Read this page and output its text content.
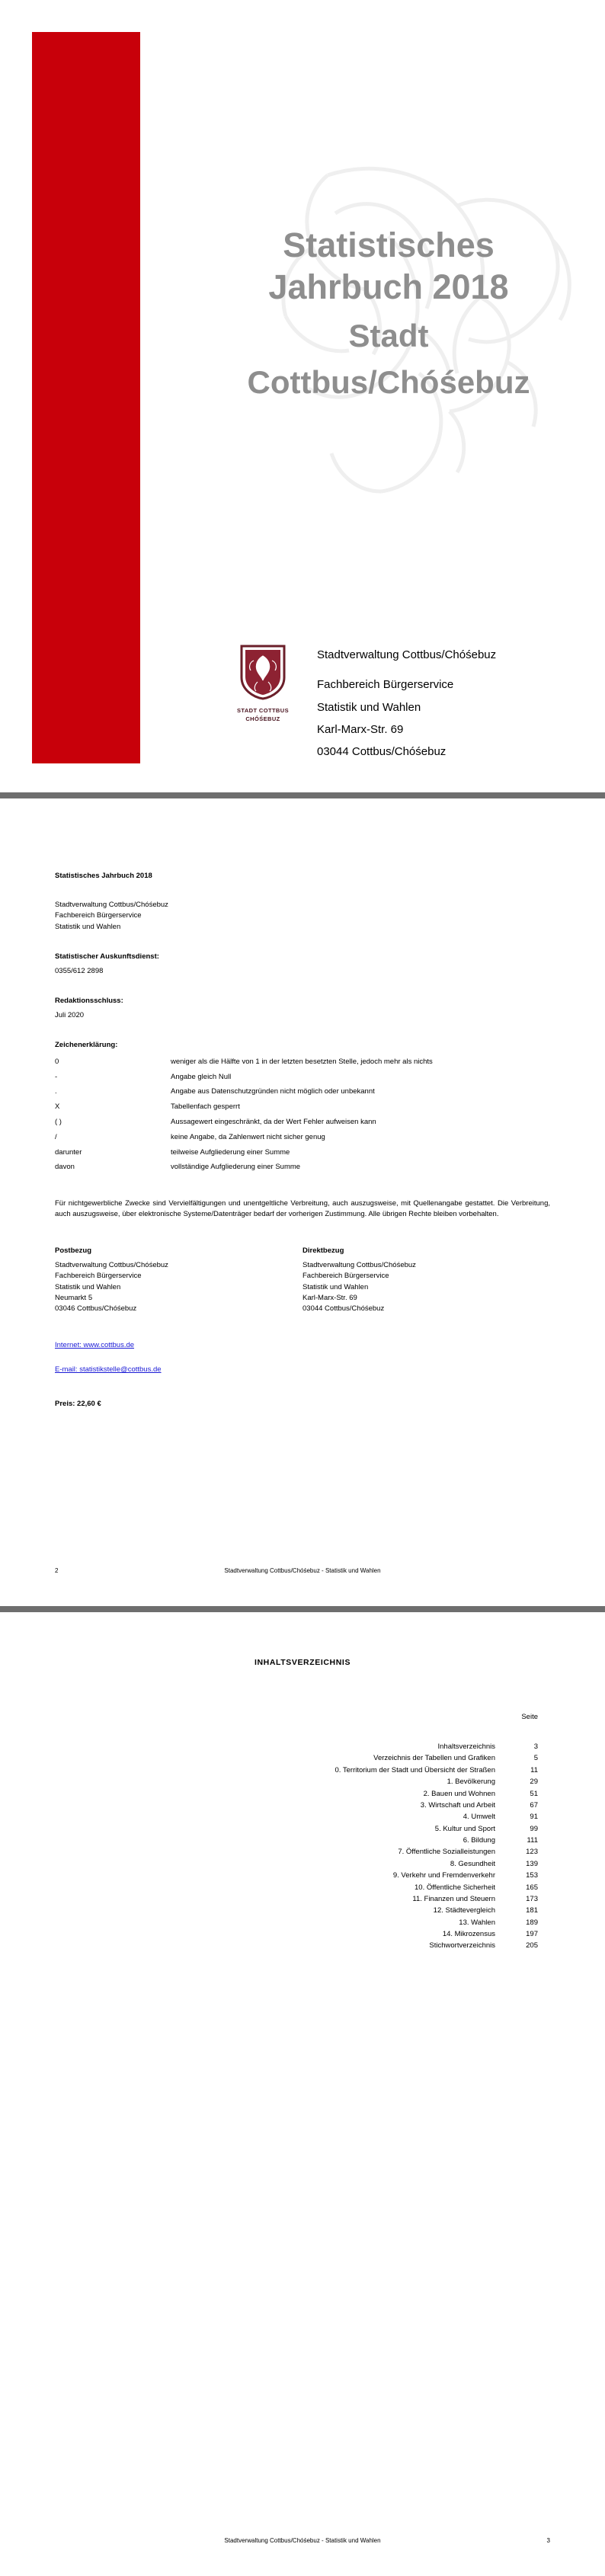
Statistisches
Jahrbuch 2018
Stadt
Cottbus/Chóśebuz
STADT COTTBUS
CHÓŚEBUZ
Stadtverwaltung Cottbus/Chóśebuz
Fachbereich Bürgerservice
Statistik und Wahlen
Karl-Marx-Str. 69
03044 Cottbus/Chóśebuz
Statistisches Jahrbuch 2018
Stadtverwaltung Cottbus/Chóśebuz
Fachbereich Bürgerservice
Statistik und Wahlen
Statistischer Auskunftsdienst:
0355/612 2898
Redaktionsschluss:
Juli 2020
Zeichenerklärung:
0	weniger als die Hälfte von 1 in der letzten besetzten Stelle, jedoch mehr als nichts
-	Angabe gleich Null
.	Angabe aus Datenschutzgründen nicht möglich oder unbekannt
X	Tabellenfach gesperrt
( )	Aussagewert eingeschränkt, da der Wert Fehler aufweisen kann
/	keine Angabe, da Zahlenwert nicht sicher genug
darunter	teilweise Aufgliederung einer Summe
davon	vollständige Aufgliederung einer Summe
Für nichtgewerbliche Zwecke sind Vervielfältigungen und unentgeltliche Verbreitung, auch auszugsweise, mit Quellenangabe gestattet. Die Verbreitung, auch auszugsweise, über elektronische Systeme/Datenträger bedarf der vorherigen Zustimmung. Alle übrigen Rechte bleiben vorbehalten.
Postbezug
Stadtverwaltung Cottbus/Chóśebuz
Fachbereich Bürgerservice
Statistik und Wahlen
Neumarkt 5
03046 Cottbus/Chóśebuz
Direktbezug
Stadtverwaltung Cottbus/Chóśebuz
Fachbereich Bürgerservice
Statistik und Wahlen
Karl-Marx-Str. 69
03044 Cottbus/Chóśebuz
Internet: www.cottbus.de
E-mail: statistikstelle@cottbus.de
Preis: 22,60 €
2	Stadtverwaltung Cottbus/Chóśebuz - Statistik und Wahlen
INHALTSVERZEICHNIS
Seite
Inhaltsverzeichnis	3
Verzeichnis der Tabellen und Grafiken	5
0. Territorium der Stadt und Übersicht der Straßen	11
1. Bevölkerung	29
2. Bauen und Wohnen	51
3. Wirtschaft und Arbeit	67
4. Umwelt	91
5. Kultur und Sport	99
6. Bildung	111
7. Öffentliche Sozialleistungen	123
8. Gesundheit	139
9. Verkehr und Fremdenverkehr	153
10. Öffentliche Sicherheit	165
11. Finanzen und Steuern	173
12. Städtevergleich	181
13. Wahlen	189
14. Mikrozensus	197
Stichwortverzeichnis	205
Stadtverwaltung Cottbus/Chóśebuz - Statistik und Wahlen	3
